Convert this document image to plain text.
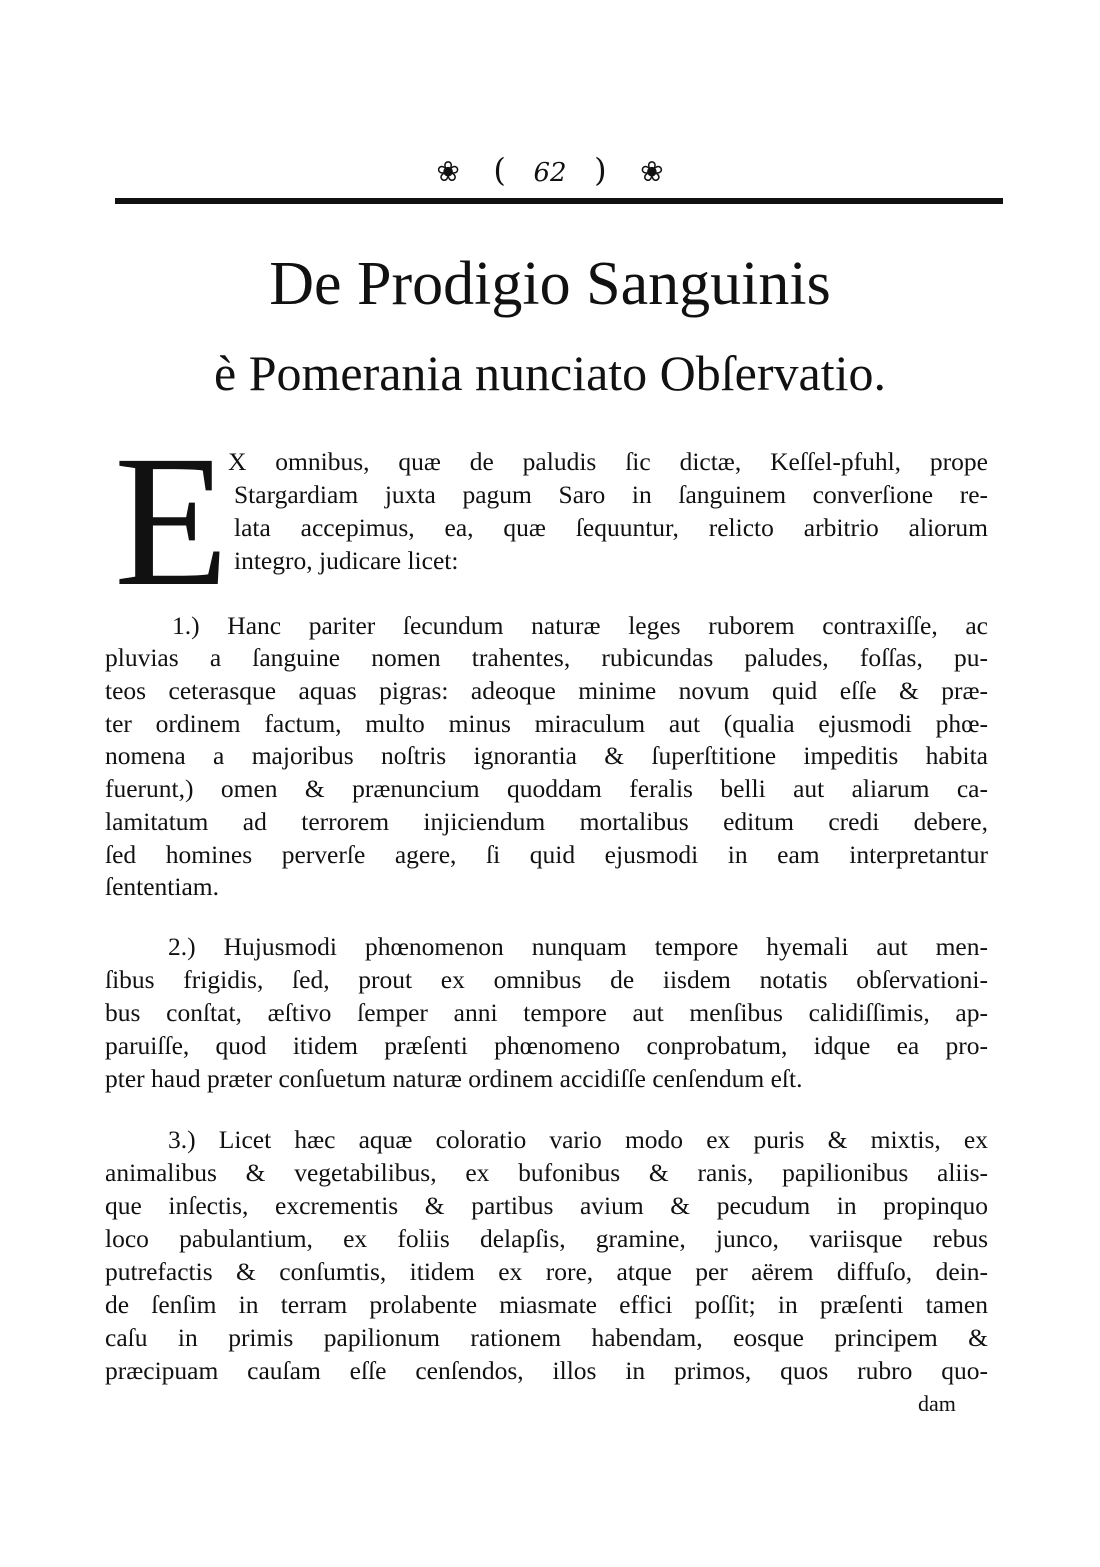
❀ ( 62 ) ❀
De Prodigio Sanguinis
è Pomerania nunciato Obſervatio.
E X omnibus, quæ de paludis ſic dictæ, Keſſel-pfuhl, prope
Stargardiam juxta pagum Saro in ſanguinem converſione re-
lata accepimus, ea, quæ ſequuntur, relicto arbitrio aliorum
integro, judicare licet:
1.) Hanc pariter ſecundum naturæ leges ruborem contraxiſſe, ac
pluvias a ſanguine nomen trahentes, rubicundas paludes, foſſas, pu-
teos ceterasque aquas pigras: adeoque minime novum quid eſſe & præ-
ter ordinem factum, multo minus miraculum aut (qualia ejusmodi phœ-
nomena a majoribus noſtris ignorantia & ſuperſtitione impeditis habita
fuerunt,) omen & prænuncium quoddam feralis belli aut aliarum ca-
lamitatum ad terrorem injiciendum mortalibus editum credi debere,
ſed homines perverſe agere, ſi quid ejusmodi in eam interpretantur
ſententiam.
2.) Hujusmodi phœnomenon nunquam tempore hyemali aut men-
ſibus frigidis, ſed, prout ex omnibus de iisdem notatis obſervationi-
bus conſtat, æſtivo ſemper anni tempore aut menſibus calidiſſimis, ap-
paruiſſe, quod itidem præſenti phœnomeno conprobatum, idque ea pro-
pter haud præter conſuetum naturæ ordinem accidiſſe cenſendum eſt.
3.) Licet hæc aquæ coloratio vario modo ex puris & mixtis, ex
animalibus & vegetabilibus, ex bufonibus & ranis, papilionibus aliis-
que inſectis, excrementis & partibus avium & pecudum in propinquo
loco pabulantium, ex foliis delapſis, gramine, junco, variisque rebus
putrefactis & conſumtis, itidem ex rore, atque per aërem diffuſo, dein-
de ſenſim in terram prolabente miasmate effici poſſit; in præſenti tamen
caſu in primis papilionum rationem habendam, eosque principem &
præcipuam cauſam eſſe cenſendos, illos in primos, quos rubro quo-
dam
